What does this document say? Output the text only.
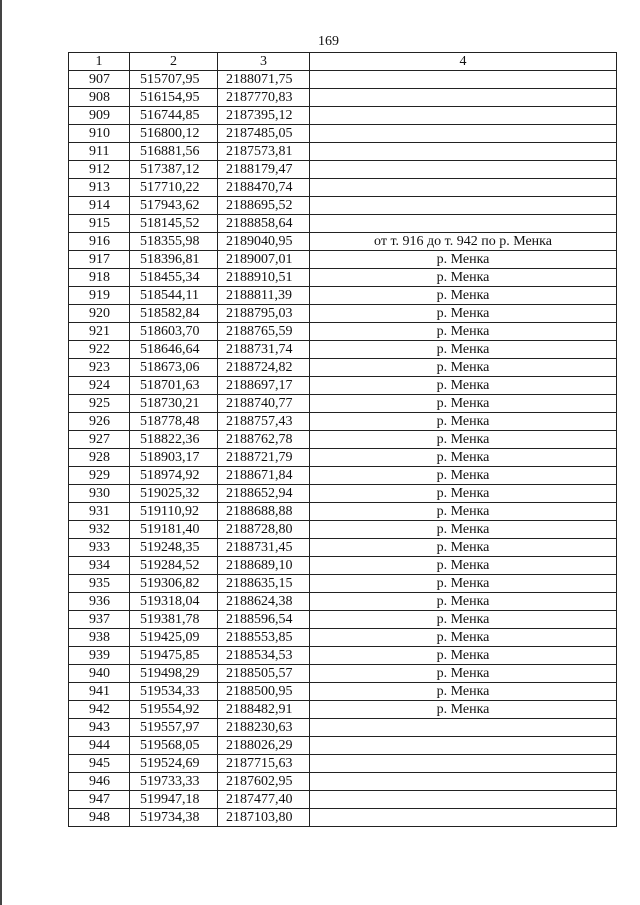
169
1	2	3	4
907	515707,95	2188071,75	
908	516154,95	2187770,83	
909	516744,85	2187395,12	
910	516800,12	2187485,05	
911	516881,56	2187573,81	
912	517387,12	2188179,47	
913	517710,22	2188470,74	
914	517943,62	2188695,52	
915	518145,52	2188858,64	
916	518355,98	2189040,95	от т. 916 до т. 942 по р. Менка
917	518396,81	2189007,01	р. Менка
918	518455,34	2188910,51	р. Менка
919	518544,11	2188811,39	р. Менка
920	518582,84	2188795,03	р. Менка
921	518603,70	2188765,59	р. Менка
922	518646,64	2188731,74	р. Менка
923	518673,06	2188724,82	р. Менка
924	518701,63	2188697,17	р. Менка
925	518730,21	2188740,77	р. Менка
926	518778,48	2188757,43	р. Менка
927	518822,36	2188762,78	р. Менка
928	518903,17	2188721,79	р. Менка
929	518974,92	2188671,84	р. Менка
930	519025,32	2188652,94	р. Менка
931	519110,92	2188688,88	р. Менка
932	519181,40	2188728,80	р. Менка
933	519248,35	2188731,45	р. Менка
934	519284,52	2188689,10	р. Менка
935	519306,82	2188635,15	р. Менка
936	519318,04	2188624,38	р. Менка
937	519381,78	2188596,54	р. Менка
938	519425,09	2188553,85	р. Менка
939	519475,85	2188534,53	р. Менка
940	519498,29	2188505,57	р. Менка
941	519534,33	2188500,95	р. Менка
942	519554,92	2188482,91	р. Менка
943	519557,97	2188230,63	
944	519568,05	2188026,29	
945	519524,69	2187715,63	
946	519733,33	2187602,95	
947	519947,18	2187477,40	
948	519734,38	2187103,80	
